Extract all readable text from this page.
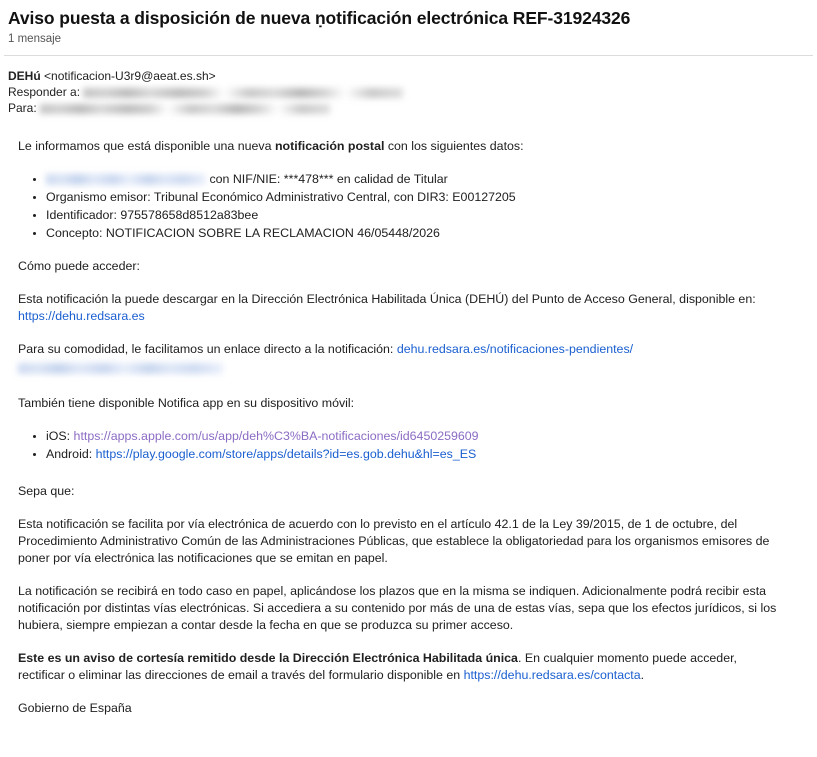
Aviso puesta a disposición de nueva ṇotificación electrónica REF-31924326
1 mensaje
DEHú <notificacion-U3r9@aeat.es.sh>
Responder a:
Para:

Le informamos que está disponible una nueva notificación postal con los siguientes datos:

• con NIF/NIE: ***478*** en calidad de Titular
• Organismo emisor: Tribunal Económico Administrativo Central, con DIR3: E00127205
• Identificador: 975578658d8512a83bee
• Concepto: NOTIFICACION SOBRE LA RECLAMACION 46/05448/2026

Cómo puede acceder:

Esta notificación la puede descargar en la Dirección Electrónica Habilitada Única (DEHÚ) del Punto de Acceso General, disponible en: https://dehu.redsara.es

Para su comodidad, le facilitamos un enlace directo a la notificación: dehu.redsara.es/notificaciones-pendientes/

También tiene disponible Notifica app en su dispositivo móvil:

• iOS: https://apps.apple.com/us/app/deh%C3%BA-notificaciones/id6450259609
• Android: https://play.google.com/store/apps/details?id=es.gob.dehu&hl=es_ES

Sepa que:

Esta notificación se facilita por vía electrónica de acuerdo con lo previsto en el artículo 42.1 de la Ley 39/2015, de 1 de octubre, del Procedimiento Administrativo Común de las Administraciones Públicas, que establece la obligatoriedad para los organismos emisores de poner por vía electrónica las notificaciones que se emitan en papel.

La notificación se recibirá en todo caso en papel, aplicándose los plazos que en la misma se indiquen. Adicionalmente podrá recibir esta notificación por distintas vías electrónicas. Si accediera a su contenido por más de una de estas vías, sepa que los efectos jurídicos, si los hubiera, siempre empiezan a contar desde la fecha en que se produzca su primer acceso.

Este es un aviso de cortesía remitido desde la Dirección Electrónica Habilitada única. En cualquier momento puede acceder, rectificar o eliminar las direcciones de email a través del formulario disponible en https://dehu.redsara.es/contacta.

Gobierno de España
